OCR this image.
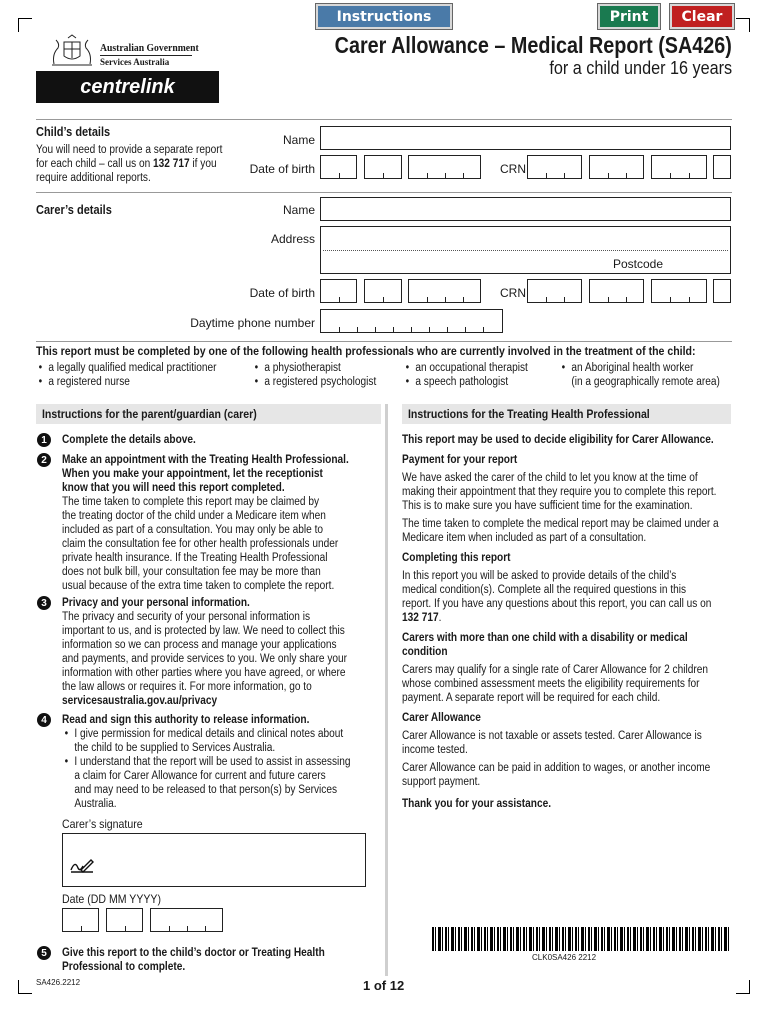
Instructions	Print	Clear
Australian Government
Services Australia
centrelink
Carer Allowance – Medical Report (SA426)
for a child under 16 years
Child’s details
You will need to provide a separate report
for each child – call us on 132 717 if you
require additional reports.
Name
Date of birth	CRN
Carer’s details	Name
Address
Postcode
Date of birth	CRN
Daytime phone number
This report must be completed by one of the following health professionals who are currently involved in the treatment of the child:
• a legally qualified medical practitioner
• a registered nurse
• a physiotherapist
• a registered psychologist
• an occupational therapist
• a speech pathologist
• an Aboriginal health worker
(in a geographically remote area)
Instructions for the parent/guardian (carer)
1	Complete the details above.

2	Make an appointment with the Treating Health Professional.

When you make your appointment, let the receptionist

know that you will need this report completed.

The time taken to complete this report may be claimed by

the treating doctor of the child under a Medicare item when

included as part of a consultation. You may only be able to

claim the consultation fee for other health professionals under

private health insurance. If the Treating Health Professional

does not bulk bill, your consultation fee may be more than

usual because of the extra time taken to complete the report.

3	Privacy and your personal information.

The privacy and security of your personal information is

important to us, and is protected by law. We need to collect this

information so we can process and manage your applications

and payments, and provide services to you. We only share your

information with other parties where you have agreed, or where

the law allows or requires it. For more information, go to

servicesaustralia.gov.au/privacy

4	Read and sign this authority to release information.

• I give permission for medical details and clinical notes about

the child to be supplied to Services Australia.

• I understand that the report will be used to assist in assessing

a claim for Carer Allowance for current and future carers

and may need to be released to that person(s) by Services

Australia.

Carer’s signature
Date (DD MM YYYY)
5	Give this report to the child’s doctor or Treating Health

Professional to complete.

Instructions for the Treating Health Professional

This report may be used to decide eligibility for Carer Allowance.

Payment for your report

We have asked the carer of the child to let you know at the time of

making their appointment that they require you to complete this report.

This is to make sure you have sufficient time for the examination.

The time taken to complete the medical report may be claimed under a

Medicare item when included as part of a consultation.

Completing this report

In this report you will be asked to provide details of the child’s

medical condition(s). Complete all the required questions in this

report. If you have any questions about this report, you can call us on

132 717.

Carers with more than one child with a disability or medical

condition

Carers may qualify for a single rate of Carer Allowance for 2 children

whose combined assessment meets the eligibility requirements for

payment. A separate report will be required for each child.

Carer Allowance

Carer Allowance is not taxable or assets tested. Carer Allowance is

income tested.

Carer Allowance can be paid in addition to wages, or another income

support payment.

Thank you for your assistance.

CLK0SA426 2212
SA426.2212	1 of 12
